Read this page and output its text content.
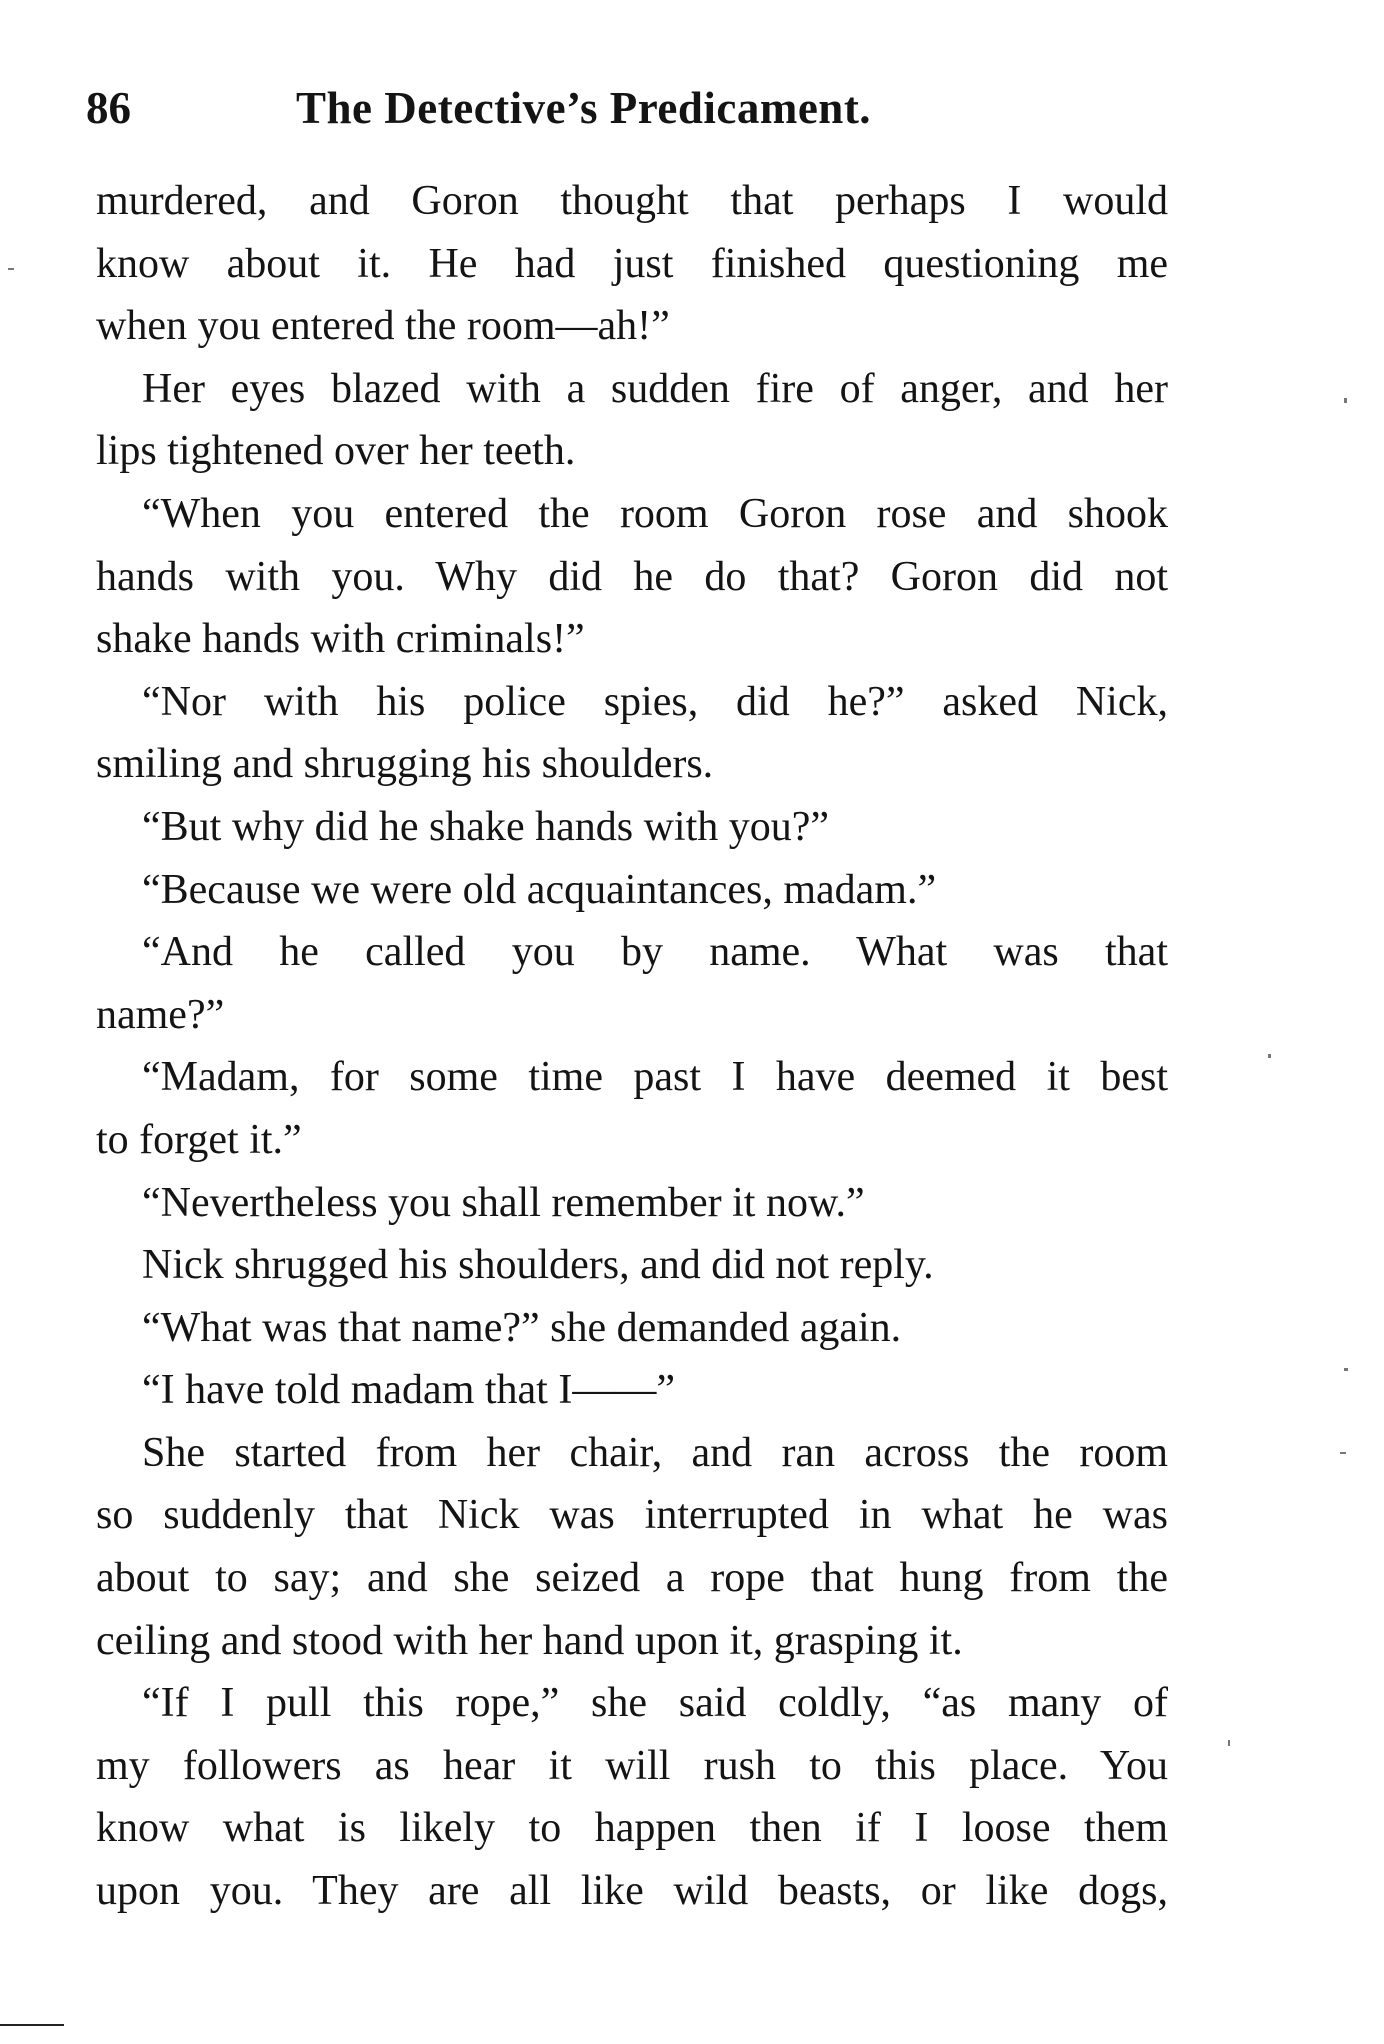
86	The Detective’s Predicament.
murdered, and Goron thought that perhaps I would
know about it. He had just finished questioning me
when you entered the room—ah!”
Her eyes blazed with a sudden fire of anger, and her
lips tightened over her teeth.
“When you entered the room Goron rose and shook
hands with you. Why did he do that? Goron did not
shake hands with criminals!”
“Nor with his police spies, did he?” asked Nick,
smiling and shrugging his shoulders.
“But why did he shake hands with you?”
“Because we were old acquaintances, madam.”
“And he called you by name. What was that
name?”
“Madam, for some time past I have deemed it best
to forget it.”
“Nevertheless you shall remember it now.”
Nick shrugged his shoulders, and did not reply.
“What was that name?” she demanded again.
“I have told madam that I——”
She started from her chair, and ran across the room
so suddenly that Nick was interrupted in what he was
about to say; and she seized a rope that hung from the
ceiling and stood with her hand upon it, grasping it.
“If I pull this rope,” she said coldly, “as many of
my followers as hear it will rush to this place. You
know what is likely to happen then if I loose them
upon you. They are all like wild beasts, or like dogs,
